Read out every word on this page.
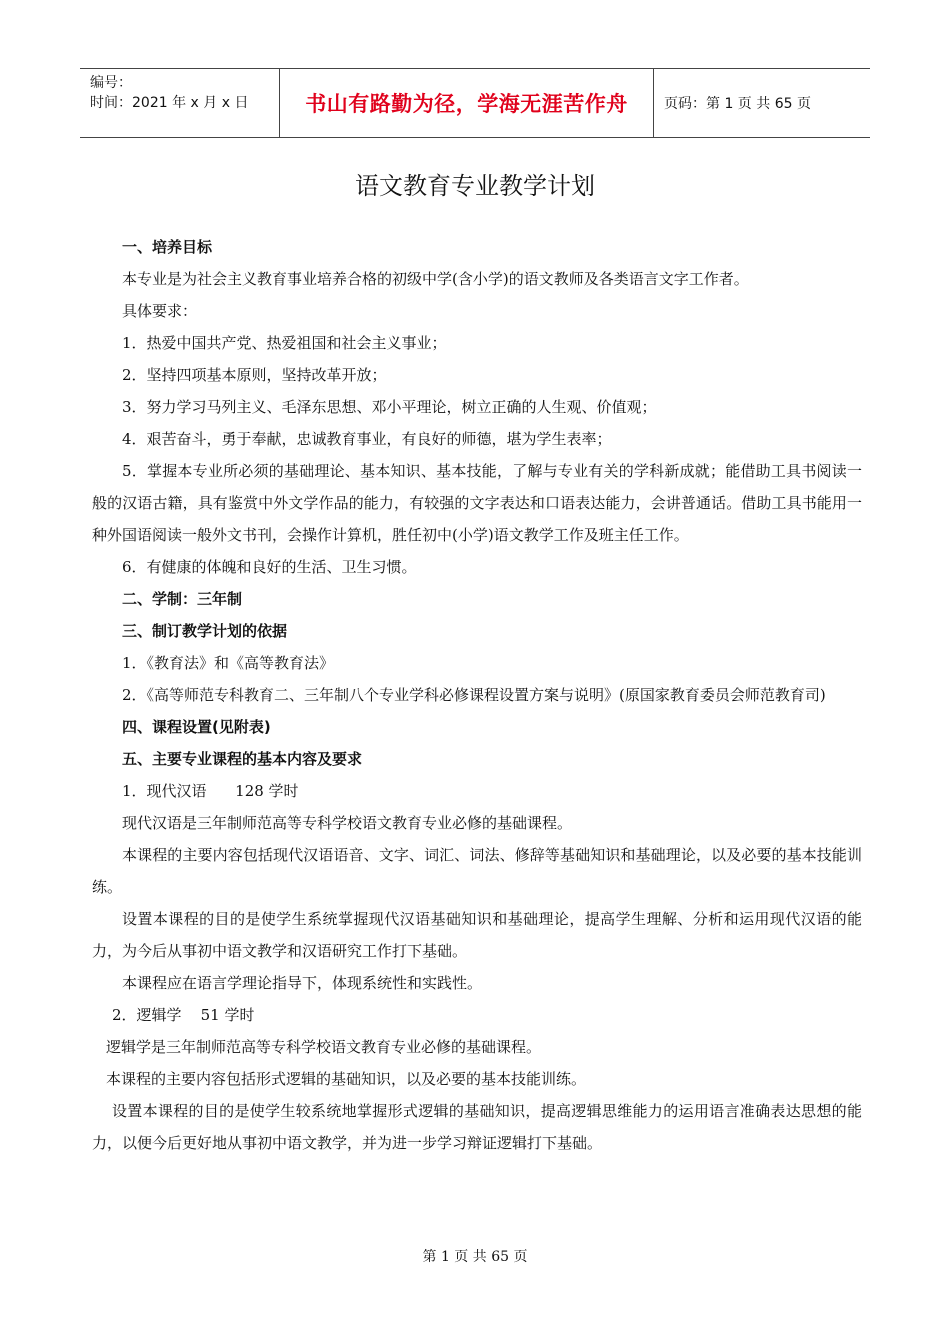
编号：
时间：2021 年 x 月 x 日	书山有路勤为径，学海无涯苦作舟	页码：第 1 页 共 65 页
语文教育专业教学计划

一、培养目标

本专业是为社会主义教育事业培养合格的初级中学(含小学)的语文教师及各类语言文字工作者。

具体要求：

1．热爱中国共产党、热爱祖国和社会主义事业；

2．坚持四项基本原则，坚持改革开放；

3．努力学习马列主义、毛泽东思想、邓小平理论，树立正确的人生观、价值观；

4．艰苦奋斗，勇于奉献，忠诚教育事业，有良好的师德，堪为学生表率；

5．掌握本专业所必须的基础理论、基本知识、基本技能，了解与专业有关的学科新成就；能借助工具书阅读一般的汉语古籍，具有鉴赏中外文学作品的能力，有较强的文字表达和口语表达能力，会讲普通话。借助工具书能用一种外国语阅读一般外文书刊，会操作计算机，胜任初中(小学)语文教学工作及班主任工作。

6．有健康的体魄和良好的生活、卫生习惯。

二、学制：三年制

三、制订教学计划的依据

1．《教育法》和《高等教育法》

2．《高等师范专科教育二、三年制八个专业学科必修课程设置方案与说明》(原国家教育委员会师范教育司)

四、课程设置(见附表)

五、主要专业课程的基本内容及要求

1．现代汉语      128 学时

现代汉语是三年制师范高等专科学校语文教育专业必修的基础课程。

本课程的主要内容包括现代汉语语音、文字、词汇、词法、修辞等基础知识和基础理论，以及必要的基本技能训练。

设置本课程的目的是使学生系统掌握现代汉语基础知识和基础理论，提高学生理解、分析和运用现代汉语的能力，为今后从事初中语文教学和汉语研究工作打下基础。

本课程应在语言学理论指导下，体现系统性和实践性。

2．逻辑学    51 学时

逻辑学是三年制师范高等专科学校语文教育专业必修的基础课程。

本课程的主要内容包括形式逻辑的基础知识，以及必要的基本技能训练。

设置本课程的目的是使学生较系统地掌握形式逻辑的基础知识，提高逻辑思维能力的运用语言准确表达思想的能力，以便今后更好地从事初中语文教学，并为进一步学习辩证逻辑打下基础。

第 1 页 共 65 页
